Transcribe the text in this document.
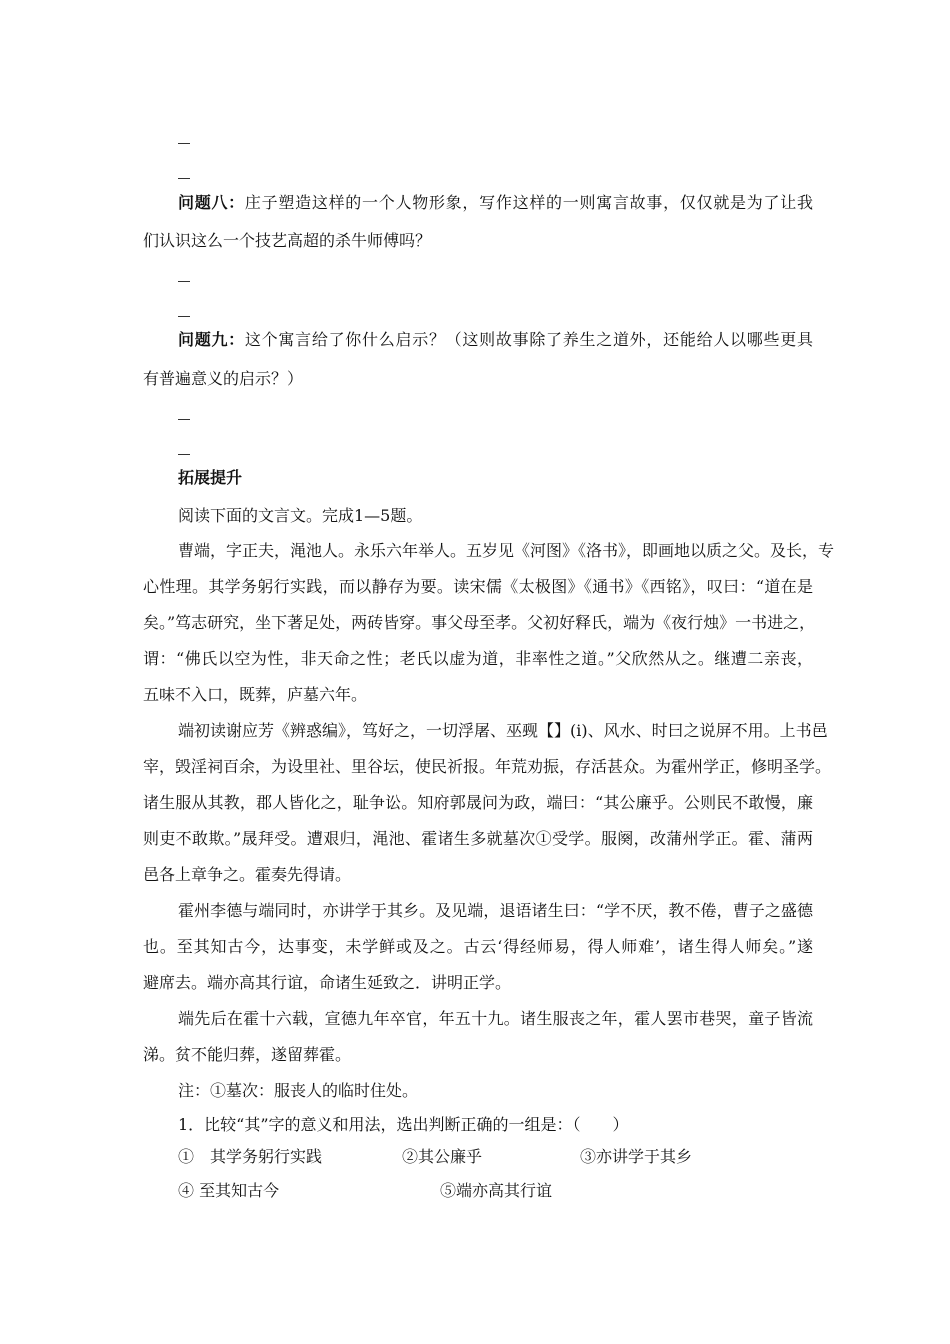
问题八：庄子塑造这样的一个人物形象，写作这样的一则寓言故事，仅仅就是为了让我
们认识这么一个技艺高超的杀牛师傅吗？
问题九：这个寓言给了你什么启示？（这则故事除了养生之道外，还能给人以哪些更具
有普遍意义的启示？）
拓展提升
阅读下面的文言文。完成1—5题。
曹端，字正夫，渑池人。永乐六年举人。五岁见《河图》《洛书》，即画地以质之父。及长，专
心性理。其学务躬行实践，而以静存为要。读宋儒《太极图》《通书》《西铭》，叹曰：“道在是
矣。”笃志研究，坐下著足处，两砖皆穿。事父母至孝。父初好释氏，端为《夜行烛》一书进之，
谓：“佛氏以空为性，非天命之性；老氏以虚为道，非率性之道。”父欣然从之。继遭二亲丧，
五味不入口，既葬，庐墓六年。
端初读谢应芳《辨惑编》，笃好之，一切浮屠、巫觋【】(i)、风水、时曰之说屏不用。上书邑
宰，毁淫祠百余，为设里社、里谷坛，使民祈报。年荒劝振，存活甚众。为霍州学正，修明圣学。
诸生服从其教，郡人皆化之，耻争讼。知府郭晟问为政，端曰：“其公廉乎。公则民不敢慢，廉
则吏不敢欺。”晟拜受。遭艰归，渑池、霍诸生多就墓次①受学。服阕，改蒲州学正。霍、蒲两
邑各上章争之。霍奏先得请。
霍州李德与端同时，亦讲学于其乡。及见端，退语诸生曰：“学不厌，教不倦，曹子之盛德
也。至其知古今，达事变，未学鲜或及之。古云‘得经师易，得人师难’，诸生得人师矣。”遂
避席去。端亦高其行谊，命诸生延致之．讲明正学。
端先后在霍十六载，宣德九年卒官，年五十九。诸生服丧之年，霍人罢市巷哭，童子皆流
涕。贫不能归葬，遂留葬霍。
注：①墓次：服丧人的临时住处。
1．比较“其”字的意义和用法，选出判断正确的一组是：（　　）
①　其学务躬行实践	②其公廉乎	③亦讲学于其乡
④ 至其知古今	⑤端亦高其行谊
